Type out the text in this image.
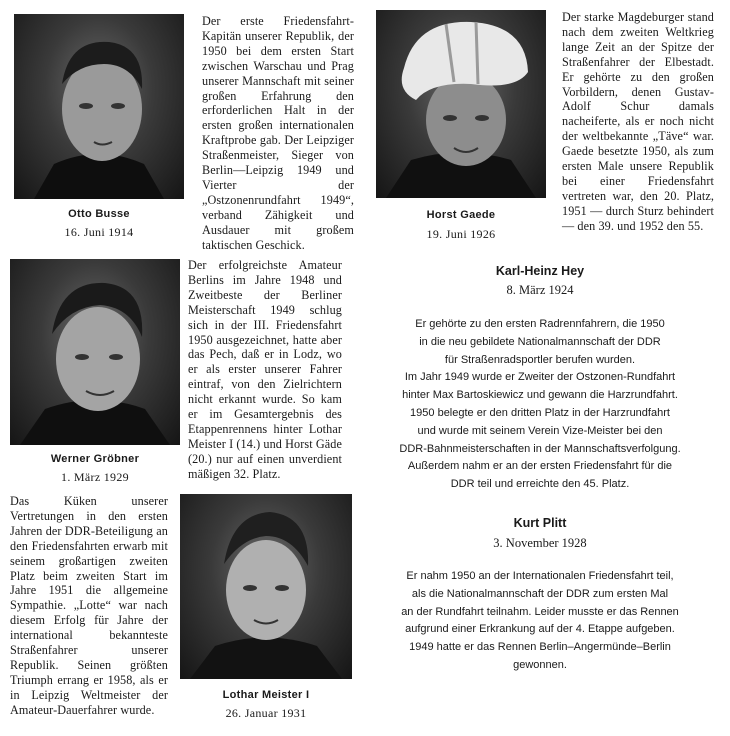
Otto Busse
16. Juni 1914
Der erste Friedensfahrt-Kapitän unserer Republik, der 1950 bei dem ersten Start zwischen Warschau und Prag unserer Mannschaft mit seiner großen Erfahrung den erforderlichen Halt in der ersten großen internationalen Kraftprobe gab. Der Leipziger Straßenmeister, Sieger von Berlin—Leipzig 1949 und Vierter der „Ostzonenrundfahrt 1949“, verband Zähigkeit und Ausdauer mit großem taktischen Geschick.
Horst Gaede
19. Juni 1926
Der starke Magdeburger stand nach dem zweiten Weltkrieg lange Zeit an der Spitze der Straßenfahrer der Elbestadt. Er gehörte zu den großen Vorbildern, denen Gustav-Adolf Schur damals nacheiferte, als er noch nicht der weltbekannte „Täve“ war. Gaede besetzte 1950, als zum ersten Male unsere Republik bei einer Friedensfahrt vertreten war, den 20. Platz, 1951 — durch Sturz behindert — den 39. und 1952 den 55.
Werner Gröbner
1. März 1929
Der erfolgreichste Amateur Berlins im Jahre 1948 und Zweitbeste der Berliner Meisterschaft 1949 schlug sich in der III. Friedensfahrt 1950 ausgezeichnet, hatte aber das Pech, daß er in Lodz, wo er als erster unserer Fahrer eintraf, von den Zielrichtern nicht erkannt wurde. So kam er im Gesamtergebnis des Etappenrennens hinter Lothar Meister I (14.) und Horst Gäde (20.) nur auf einen unverdient mäßigen 32. Platz.
Das Küken unserer Vertretungen in den ersten Jahren der DDR-Beteiligung an den Friedensfahrten erwarb mit seinem großartigen zweiten Platz beim zweiten Start im Jahre 1951 die allgemeine Sympathie. „Lotte“ war nach diesem Erfolg für Jahre der international bekannteste Straßenfahrer unserer Republik. Seinen größten Triumph errang er 1958, als er in Leipzig Weltmeister der Amateur-Dauerfahrer wurde.
Lothar Meister I
26. Januar 1931
Karl-Heinz Hey
8. März 1924
Er gehörte zu den ersten Radrennfahrern, die 1950
in die neu gebildete Nationalmannschaft der DDR
für Straßenradsportler berufen wurden.
Im Jahr 1949 wurde er Zweiter der Ostzonen-Rundfahrt
hinter Max Bartoskiewicz und gewann die Harzrundfahrt.
1950 belegte er den dritten Platz in der Harzrundfahrt
und wurde mit seinem Verein Vize-Meister bei den
DDR-Bahnmeisterschaften in der Mannschaftsverfolgung.
Außerdem nahm er an der ersten Friedensfahrt für die
DDR teil und erreichte den 45. Platz.
Kurt Plitt
3. November 1928
Er nahm 1950 an der Internationalen Friedensfahrt teil,
als die Nationalmannschaft der DDR zum ersten Mal
an der Rundfahrt teilnahm. Leider musste er das Rennen
aufgrund einer Erkrankung auf der 4. Etappe aufgeben.
1949 hatte er das Rennen Berlin–Angermünde–Berlin
gewonnen.
